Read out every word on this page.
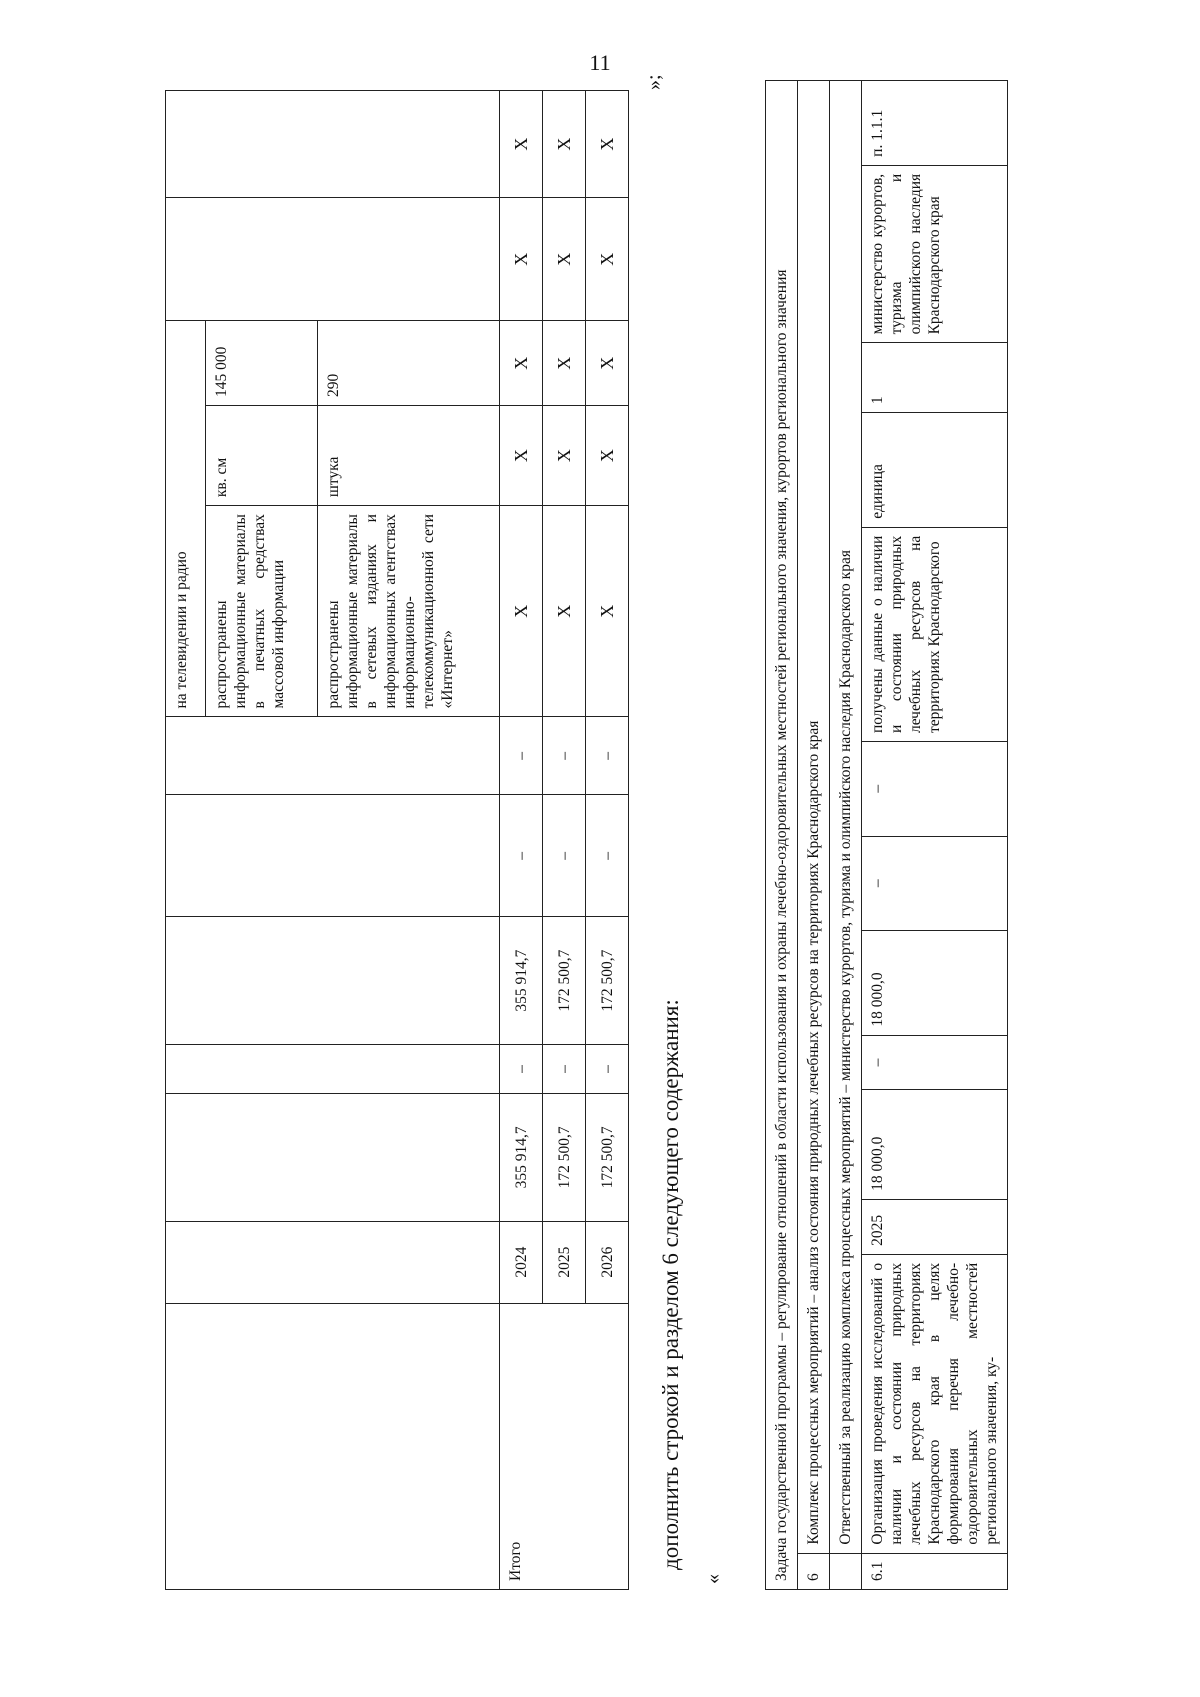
11
							на телевидении и радио				
							распространены информационные материалы в печатных средствах массовой информации	кв. см	145 000		
							распространены информационные материалы в сетевых изданиях и информационных агентствах информационно-телекоммуникационной сети «Интернет»	штука	290		
Итого	2024	355 914,7	–	355 914,7	–	–	X	X	X	X	X
	2025	172 500,7	–	172 500,7	–	–	X	X	X	X	X
	2026	172 500,7	–	172 500,7	–	–	X	X	X	X	X
»;
дополнить строкой и разделом 6 следующего содержания:
«	Задача государственной программы – регулирование отношений в области использования и охраны лечебно-оздоровительных местностей регионального значения, курортов регионального значения												
6	Комплекс процессных мероприятий – анализ состояния природных лечебных ресурсов на территориях Краснодарского края											
	Ответственный за реализацию комплекса процессных мероприятий – министерство курортов, туризма и олимпийского наследия Краснодарского края											
6.1	Организация проведения исследований о наличии и состоянии природных лечебных ресурсов на территориях Краснодарского края в целях формирования перечня лечебно-оздоровительных местностей регионального значения, ку-	2025	18 000,0	–	18 000,0	–	–	получены данные о наличии и состоянии природных лечебных ресурсов на территориях Краснодарского	единица	1	министерство курортов, туризма и олимпийского наследия Краснодарского края	п. 1.1.1
